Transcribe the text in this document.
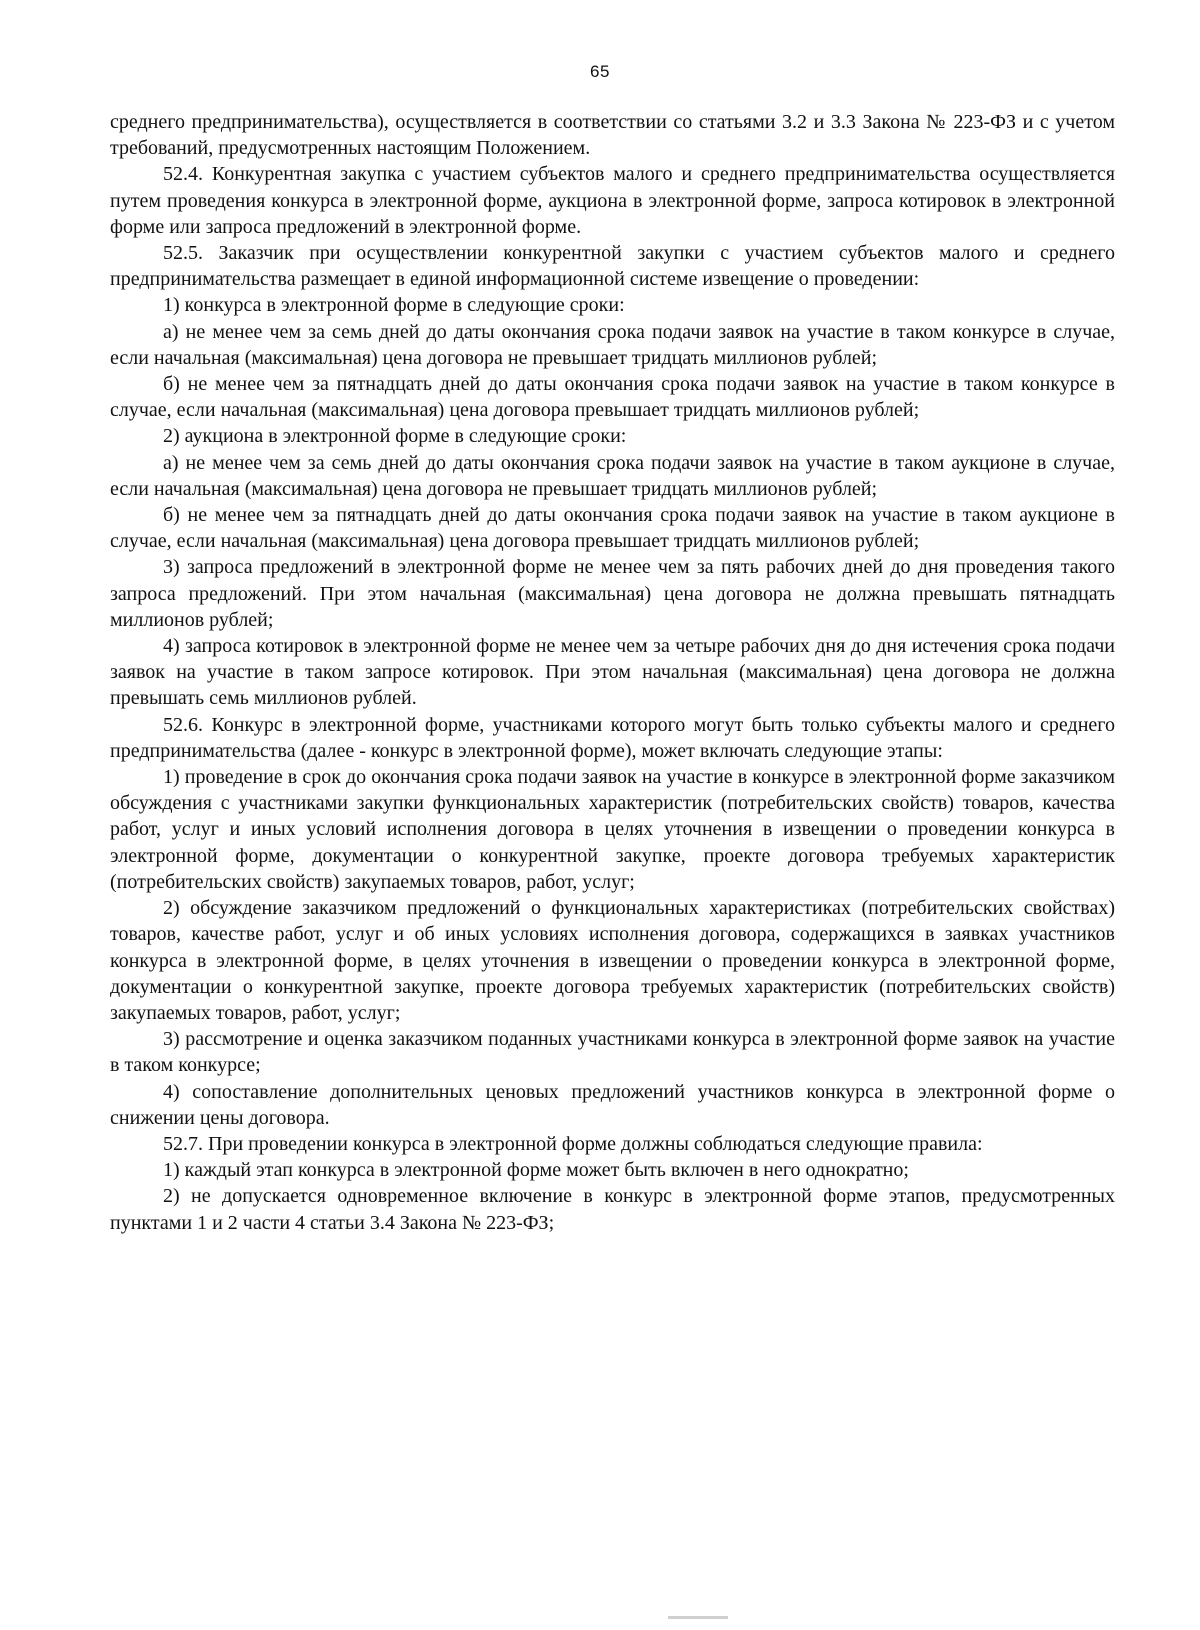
65

среднего предпринимательства), осуществляется в соответствии со статьями 3.2 и 3.3 Закона № 223-ФЗ и с учетом требований, предусмотренных настоящим Положением.

52.4. Конкурентная закупка с участием субъектов малого и среднего предпринимательства осуществляется путем проведения конкурса в электронной форме, аукциона в электронной форме, запроса котировок в электронной форме или запроса предложений в электронной форме.

52.5. Заказчик при осуществлении конкурентной закупки с участием субъектов малого и среднего предпринимательства размещает в единой информационной системе извещение о проведении:

1) конкурса в электронной форме в следующие сроки:

а) не менее чем за семь дней до даты окончания срока подачи заявок на участие в таком конкурсе в случае, если начальная (максимальная) цена договора не превышает тридцать миллионов рублей;

б) не менее чем за пятнадцать дней до даты окончания срока подачи заявок на участие в таком конкурсе в случае, если начальная (максимальная) цена договора превышает тридцать миллионов рублей;

2) аукциона в электронной форме в следующие сроки:

а) не менее чем за семь дней до даты окончания срока подачи заявок на участие в таком аукционе в случае, если начальная (максимальная) цена договора не превышает тридцать миллионов рублей;

б) не менее чем за пятнадцать дней до даты окончания срока подачи заявок на участие в таком аукционе в случае, если начальная (максимальная) цена договора превышает тридцать миллионов рублей;

3) запроса предложений в электронной форме не менее чем за пять рабочих дней до дня проведения такого запроса предложений. При этом начальная (максимальная) цена договора не должна превышать пятнадцать миллионов рублей;

4) запроса котировок в электронной форме не менее чем за четыре рабочих дня до дня истечения срока подачи заявок на участие в таком запросе котировок. При этом начальная (максимальная) цена договора не должна превышать семь миллионов рублей.

52.6. Конкурс в электронной форме, участниками которого могут быть только субъекты малого и среднего предпринимательства (далее - конкурс в электронной форме), может включать следующие этапы:

1) проведение в срок до окончания срока подачи заявок на участие в конкурсе в электронной форме заказчиком обсуждения с участниками закупки функциональных характеристик (потребительских свойств) товаров, качества работ, услуг и иных условий исполнения договора в целях уточнения в извещении о проведении конкурса в электронной форме, документации о конкурентной закупке, проекте договора требуемых характеристик (потребительских свойств) закупаемых товаров, работ, услуг;

2) обсуждение заказчиком предложений о функциональных характеристиках (потребительских свойствах) товаров, качестве работ, услуг и об иных условиях исполнения договора, содержащихся в заявках участников конкурса в электронной форме, в целях уточнения в извещении о проведении конкурса в электронной форме, документации о конкурентной закупке, проекте договора требуемых характеристик (потребительских свойств) закупаемых товаров, работ, услуг;

3) рассмотрение и оценка заказчиком поданных участниками конкурса в электронной форме заявок на участие в таком конкурсе;

4) сопоставление дополнительных ценовых предложений участников конкурса в электронной форме о снижении цены договора.

52.7. При проведении конкурса в электронной форме должны соблюдаться следующие правила:

1) каждый этап конкурса в электронной форме может быть включен в него однократно;

2) не допускается одновременное включение в конкурс в электронной форме этапов, предусмотренных пунктами 1 и 2 части 4 статьи 3.4 Закона № 223-ФЗ;
